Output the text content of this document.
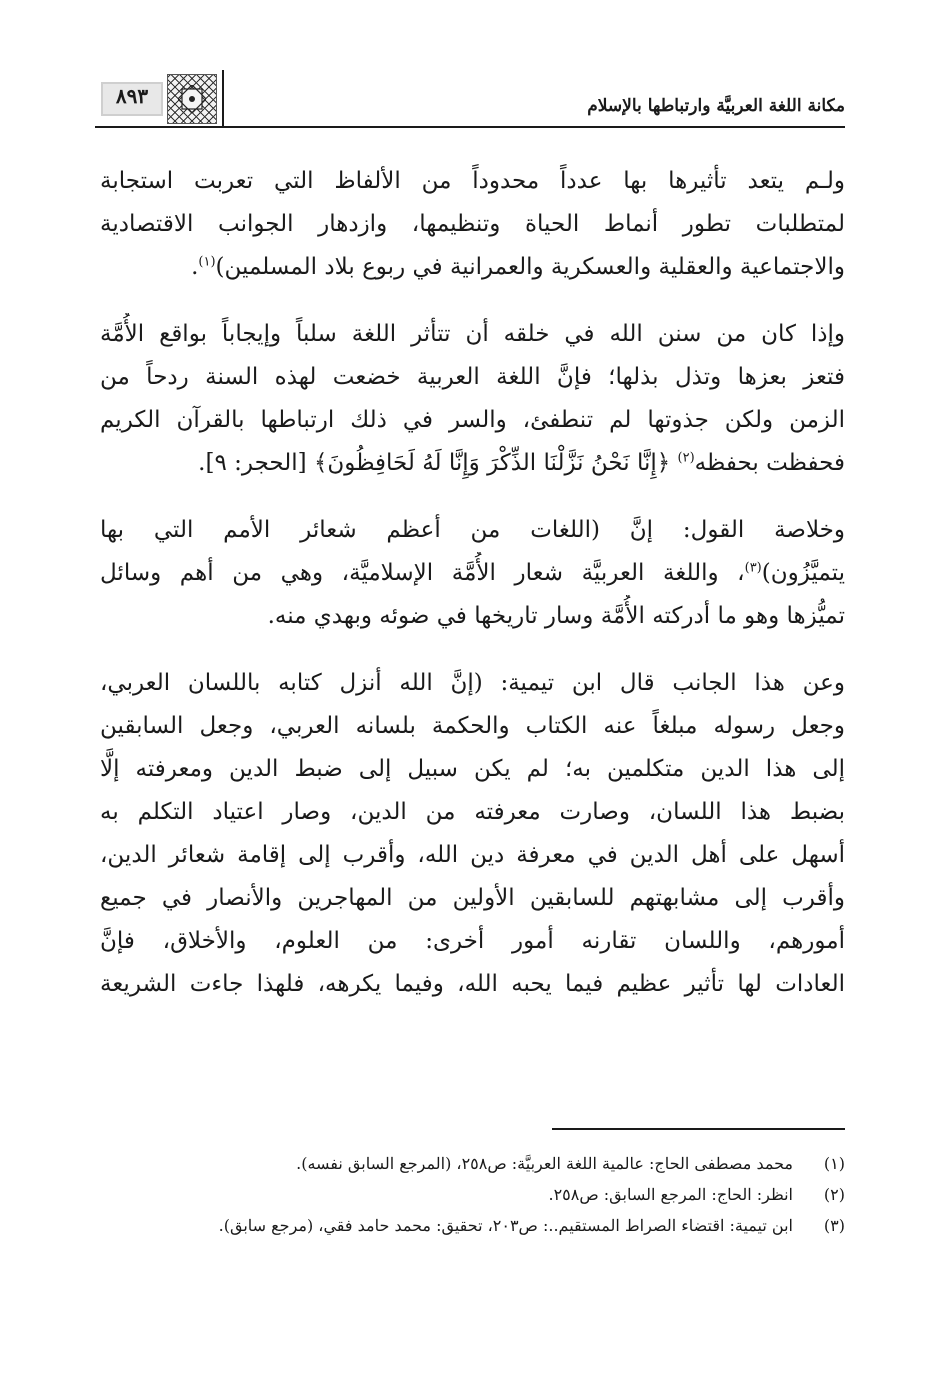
مكانة اللغة العربيَّة وارتباطها بالإسلام
٨٩٣
ولـم يتعد تأثيرها بها عدداً محدوداً من الألفاظ التي تعربت استجابة
لمتطلبات تطور أنماط الحياة وتنظيمها، وازدهار الجوانب الاقتصادية
والاجتماعية والعقلية والعسكرية والعمرانية في ربوع بلاد المسلمين)$^{(١)}$.
وإذا كان من سنن الله في خلقه أن تتأثر اللغة سلباً وإيجاباً بواقع الأُمَّة
فتعز بعزها وتذل بذلها؛ فإنَّ اللغة العربية خضعت لهذه السنة ردحاً من
الزمن ولكن جذوتها لم تنطفئ، والسر في ذلك ارتباطها بالقرآن الكريم
فحفظت بحفظه$^{(٢)}$ ﴿إِنَّا نَحْنُ نَزَّلْنَا الذِّكْرَ وَإِنَّا لَهُ لَحَافِظُونَ﴾ [الحجر: ٩].
وخلاصة القول: إنَّ (اللغات من أعظم شعائر الأمم التي بها
يتميَّزُون)$^{(٣)}$، واللغة العربيَّة شعار الأُمَّة الإسلاميَّة، وهي من أهم وسائل
تميُّزها وهو ما أدركته الأُمَّة وسار تاريخها في ضوئه وبهدي منه.
وعن هذا الجانب قال ابن تيمية: (إنَّ الله أنزل كتابه باللسان العربي،
وجعل رسوله مبلغاً عنه الكتاب والحكمة بلسانه العربي، وجعل السابقين
إلى هذا الدين متكلمين به؛ لم يكن سبيل إلى ضبط الدين ومعرفته إلَّا
بضبط هذا اللسان، وصارت معرفته من الدين، وصار اعتياد التكلم به
أسهل على أهل الدين في معرفة دين الله، وأقرب إلى إقامة شعائر الدين،
وأقرب إلى مشابهتهم للسابقين الأولين من المهاجرين والأنصار في جميع
أمورهم، واللسان تقارنه أمور أخرى: من العلوم، والأخلاق، فإنَّ
العادات لها تأثير عظيم فيما يحبه الله، وفيما يكرهه، فلهذا جاءت الشريعة
(١)
محمد مصطفى الحاج: عالمية اللغة العربيَّة: ص٢٥٨، (المرجع السابق نفسه).
(٢)
انظر: الحاج: المرجع السابق: ص٢٥٨.
(٣)
ابن تيمية: اقتضاء الصراط المستقيم..: ص٢٠٣، تحقيق: محمد حامد فقي، (مرجع سابق).
